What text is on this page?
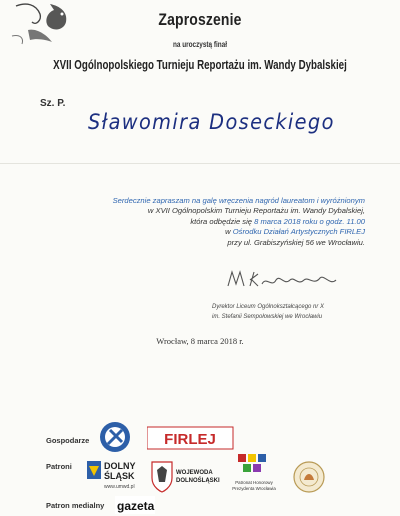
Zaproszenie
na uroczystą finał
XVII Ogólnopolskiego Turnieju Reportażu im. Wandy Dybalskiej
Sz. P.
Sławomira Doseckiego
Serdecznie zapraszam na galę wręczenia nagród laureatom i wyróżnionym
w XVII Ogólnopolskim Turnieju Reportażu im. Wandy Dybalskiej,
która odbędzie się 8 marca 2018 roku o godz. 11.00
w Ośrodku Działań Artystycznych FIRLEJ
przy ul. Grabiszyńskiej 56 we Wrocławiu.
Dyrektor Liceum Ogólnokształcącego nr X
im. Stefanii Sempołowskiej we Wrocławiu
Wrocław, 8 marca 2018 r.
Gospodarze
Patroni
Patron medialny
FIRLEJ
DOLNY
ŚLĄSK
www.umwd.pl
WOJEWODA
DOLNOŚLĄSKI	Patronat Honorowy
Prezydenta Wrocławia
gazeta
